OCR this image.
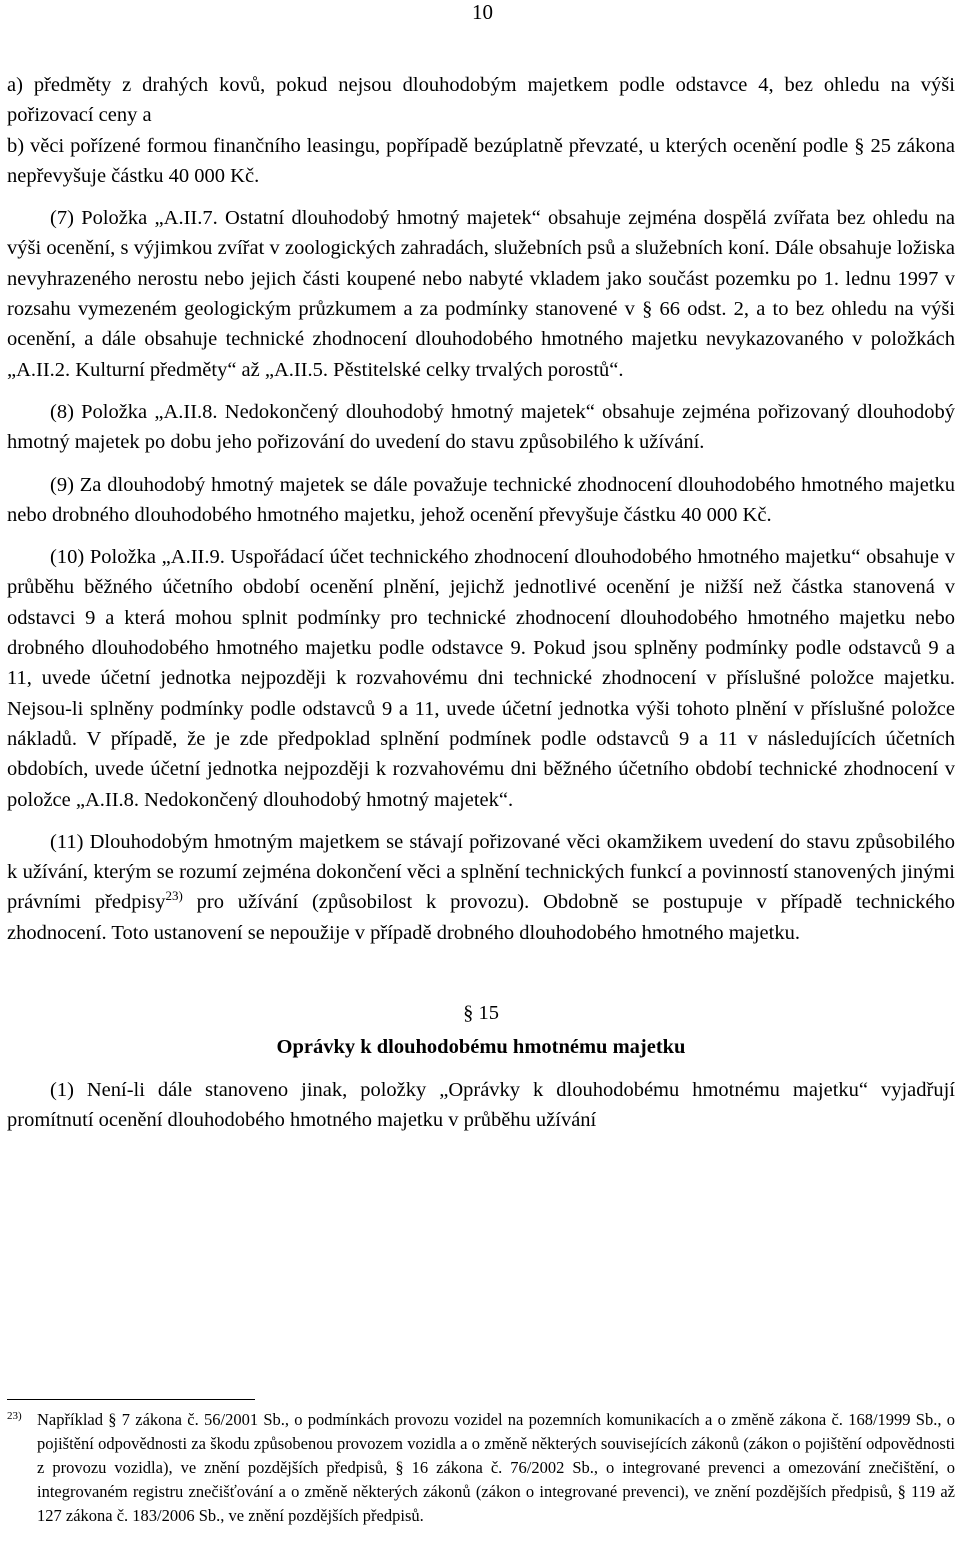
10

a) předměty z drahých kovů, pokud nejsou dlouhodobým majetkem podle odstavce 4, bez ohledu na výši pořizovací ceny a

b) věci pořízené formou finančního leasingu, popřípadě bezúplatně převzaté, u kterých ocenění podle § 25 zákona nepřevyšuje částku 40 000 Kč.

(7) Položka „A.II.7. Ostatní dlouhodobý hmotný majetek“ obsahuje zejména dospělá zvířata bez ohledu na výši ocenění, s výjimkou zvířat v zoologických zahradách, služebních psů a služebních koní. Dále obsahuje ložiska nevyhrazeného nerostu nebo jejich části koupené nebo nabyté vkladem jako součást pozemku po 1. lednu 1997 v rozsahu vymezeném geologickým průzkumem a za podmínky stanovené v § 66 odst. 2, a to bez ohledu na výši ocenění, a dále obsahuje technické zhodnocení dlouhodobého hmotného majetku nevykazovaného v položkách „A.II.2. Kulturní předměty“ až „A.II.5. Pěstitelské celky trvalých porostů“.

(8) Položka „A.II.8. Nedokončený dlouhodobý hmotný majetek“ obsahuje zejména pořizovaný dlouhodobý hmotný majetek po dobu jeho pořizování do uvedení do stavu způsobilého k užívání.

(9) Za dlouhodobý hmotný majetek se dále považuje technické zhodnocení dlouhodobého hmotného majetku nebo drobného dlouhodobého hmotného majetku, jehož ocenění převyšuje částku 40 000 Kč.

(10) Položka „A.II.9. Uspořádací účet technického zhodnocení dlouhodobého hmotného majetku“ obsahuje v průběhu běžného účetního období ocenění plnění, jejichž jednotlivé ocenění je nižší než částka stanovená v odstavci 9 a která mohou splnit podmínky pro technické zhodnocení dlouhodobého hmotného majetku nebo drobného dlouhodobého hmotného majetku podle odstavce 9. Pokud jsou splněny podmínky podle odstavců 9 a 11, uvede účetní jednotka nejpozději k rozvahovému dni technické zhodnocení v příslušné položce majetku. Nejsou-li splněny podmínky podle odstavců 9 a 11, uvede účetní jednotka výši tohoto plnění v příslušné položce nákladů. V případě, že je zde předpoklad splnění podmínek podle odstavců 9 a 11 v následujících účetních obdobích, uvede účetní jednotka nejpozději k rozvahovému dni běžného účetního období technické zhodnocení v položce „A.II.8. Nedokončený dlouhodobý hmotný majetek“.

(11) Dlouhodobým hmotným majetkem se stávají pořizované věci okamžikem uvedení do stavu způsobilého k užívání, kterým se rozumí zejména dokončení věci a splnění technických funkcí a povinností stanovených jinými právními předpisy$^{23)}$ pro užívání (způsobilost k provozu). Obdobně se postupuje v případě technického zhodnocení. Toto ustanovení se nepoužije v případě drobného dlouhodobého hmotného majetku.

§ 15
Oprávky k dlouhodobému hmotnému majetku

(1) Není-li dále stanoveno jinak, položky „Oprávky k dlouhodobému hmotnému majetku“ vyjadřují promítnutí ocenění dlouhodobého hmotného majetku v průběhu užívání

23) Například § 7 zákona č. 56/2001 Sb., o podmínkách provozu vozidel na pozemních komunikacích a o změně zákona č. 168/1999 Sb., o pojištění odpovědnosti za škodu způsobenou provozem vozidla a o změně některých souvisejících zákonů (zákon o pojištění odpovědnosti z provozu vozidla), ve znění pozdějších předpisů, § 16 zákona č. 76/2002 Sb., o integrované prevenci a omezování znečištění, o integrovaném registru znečišťování a o změně některých zákonů (zákon o integrované prevenci), ve znění pozdějších předpisů, § 119 až 127 zákona č. 183/2006 Sb., ve znění pozdějších předpisů.
